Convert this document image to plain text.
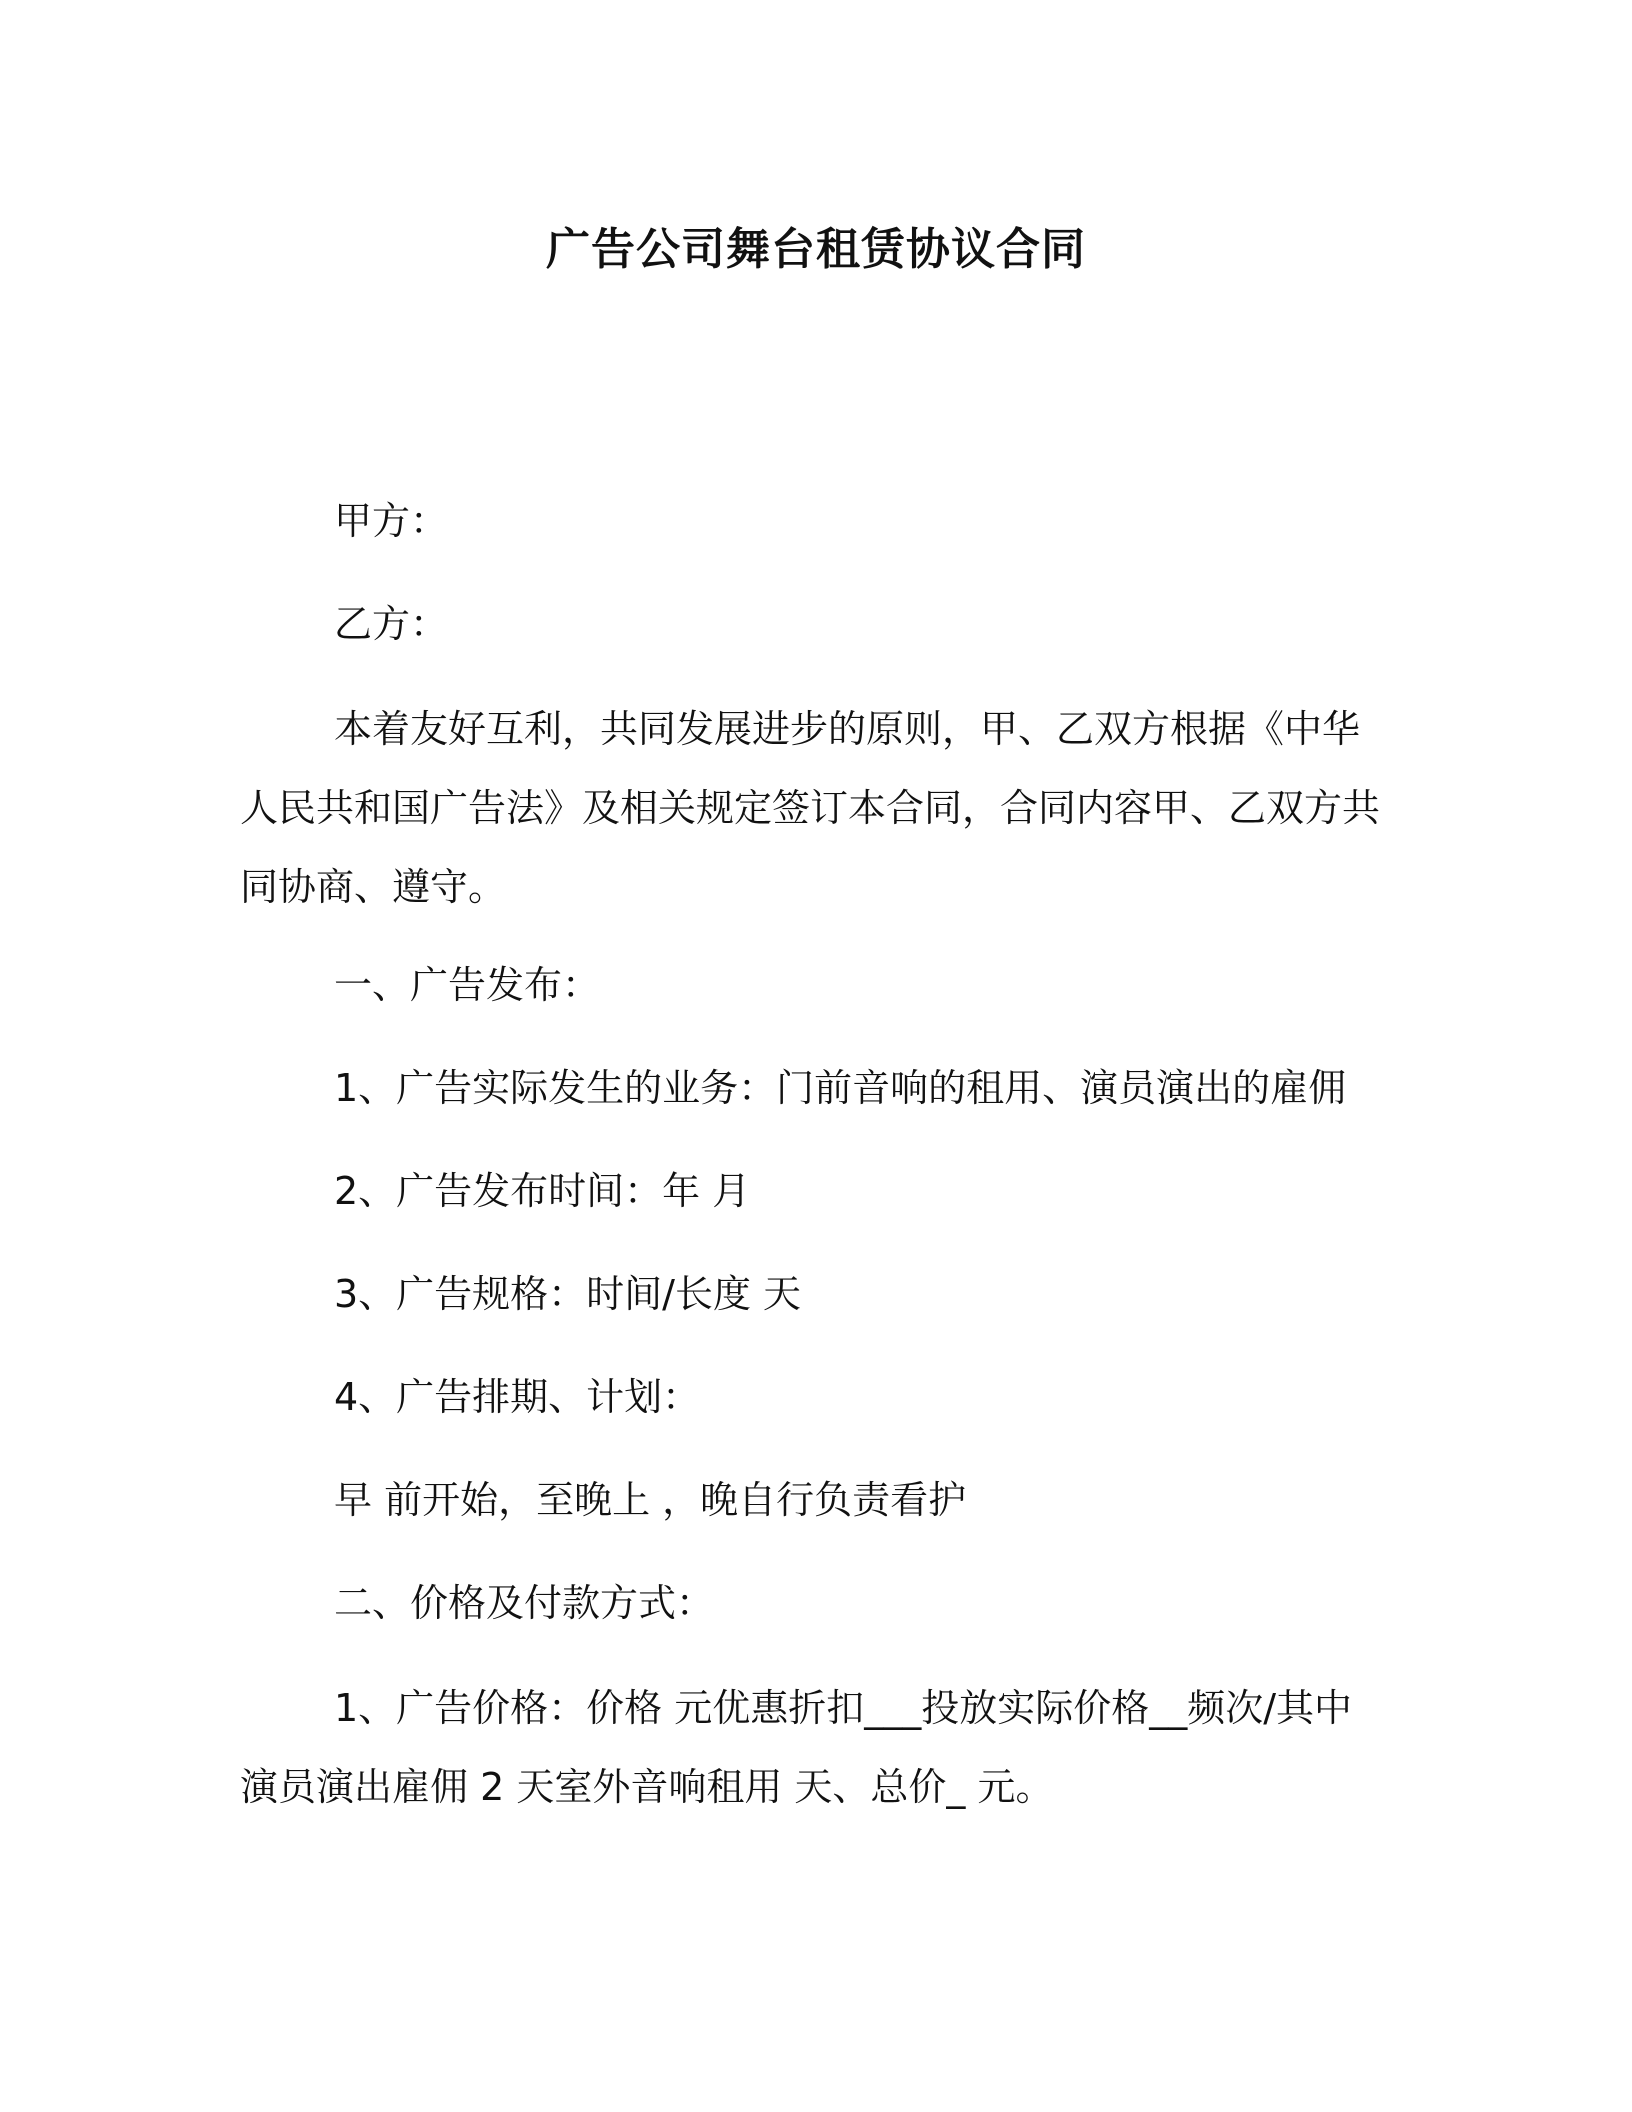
广告公司舞台租赁协议合同
甲方：
乙方：
本着友好互利，共同发展进步的原则，甲、乙双方根据《中华人民共和国广告法》及相关规定签订本合同，合同内容甲、乙双方共同协商、遵守。
一、广告发布：
1、广告实际发生的业务：门前音响的租用、演员演出的雇佣
2、广告发布时间：年 月
3、广告规格：时间/长度 天
4、广告排期、计划：
早 前开始，至晚上 ，晚自行负责看护
二、价格及付款方式：
1、广告价格：价格 元优惠折扣___投放实际价格__频次/其中演员演出雇佣 2 天室外音响租用 天、总价_ 元。
